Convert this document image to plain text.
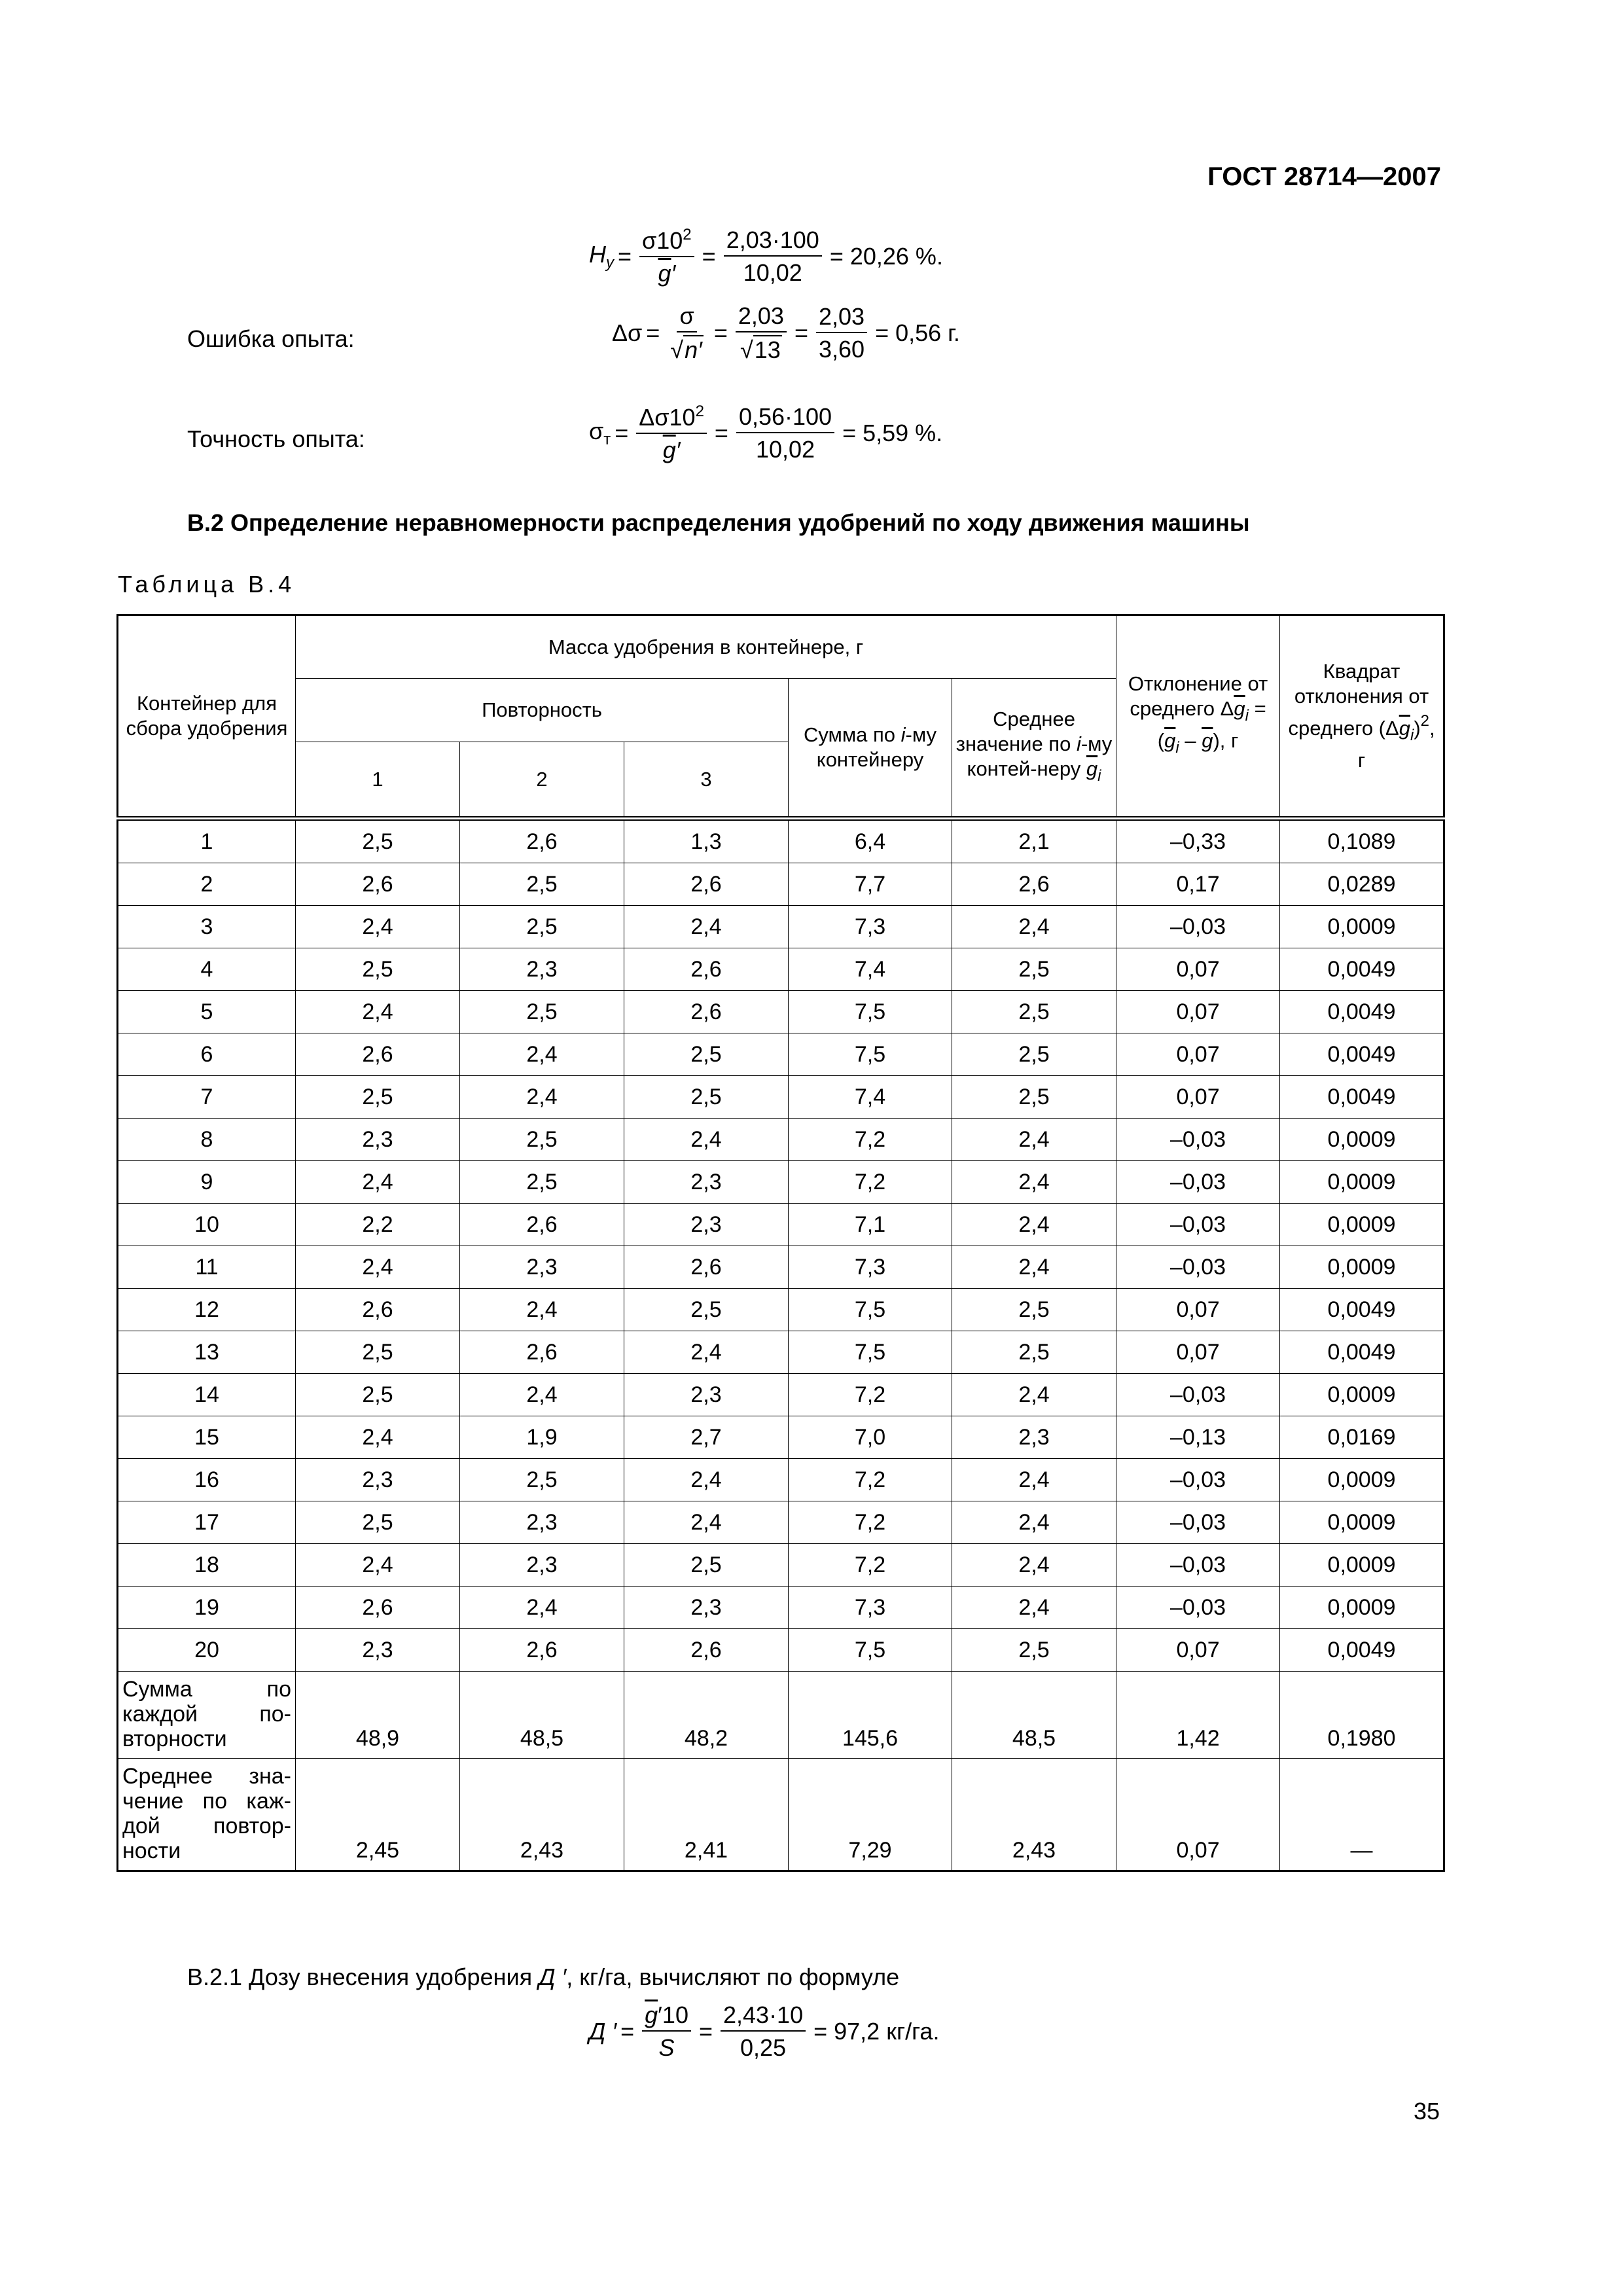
ГОСТ 28714—2007
$H_у = \frac{\sigma 10^2}{\overline{g}'} = \frac{2,03\cdot 100}{10,02} = 20,26$ %.
Ошибка опыта:	$\Delta\sigma = \frac{\sigma}{√ n'} = \frac{2,03}{√ 13} = \frac{2,03}{3,60} = 0,56$ г.
Точность опыта:	$\sigma_т = \frac{\Delta\sigma 10^2}{\overline{g}'} = \frac{0,56\cdot 100}{10,02} = 5,59$ %.
В.2 Определение неравномерности распределения удобрений по ходу движения машины
Таблица В.4
Контейнер для сбора удобрения	Масса удобрения в контейнере, г					Отклонение от среднего $\Delta\overline{g}_i = (\overline{g}_i - \overline{g})$, г	Квадрат отклонения от среднего $(\Delta\overline{g}_i)^2$, г
	Повторность			Сумма по i-му контейнеру	Среднее значение по i-му контей-неру $\overline{g}_i$
	1	2	3				
1	2,5	2,6	1,3	6,4	2,1	–0,33	0,1089
2	2,6	2,5	2,6	7,7	2,6	0,17	0,0289
3	2,4	2,5	2,4	7,3	2,4	–0,03	0,0009
4	2,5	2,3	2,6	7,4	2,5	0,07	0,0049
5	2,4	2,5	2,6	7,5	2,5	0,07	0,0049
6	2,6	2,4	2,5	7,5	2,5	0,07	0,0049
7	2,5	2,4	2,5	7,4	2,5	0,07	0,0049
8	2,3	2,5	2,4	7,2	2,4	–0,03	0,0009
9	2,4	2,5	2,3	7,2	2,4	–0,03	0,0009
10	2,2	2,6	2,3	7,1	2,4	–0,03	0,0009
11	2,4	2,3	2,6	7,3	2,4	–0,03	0,0009
12	2,6	2,4	2,5	7,5	2,5	0,07	0,0049
13	2,5	2,6	2,4	7,5	2,5	0,07	0,0049
14	2,5	2,4	2,3	7,2	2,4	–0,03	0,0009
15	2,4	1,9	2,7	7,0	2,3	–0,13	0,0169
16	2,3	2,5	2,4	7,2	2,4	–0,03	0,0009
17	2,5	2,3	2,4	7,2	2,4	–0,03	0,0009
18	2,4	2,3	2,5	7,2	2,4	–0,03	0,0009
19	2,6	2,4	2,3	7,3	2,4	–0,03	0,0009
20	2,3	2,6	2,6	7,5	2,5	0,07	0,0049

Сумма по
каждой по-
вторности	48,9	48,5	48,2	145,6	48,5	1,42	0,1980

Среднее зна-
чение по каж-
дой повтор-
ности	2,45	2,43	2,41	7,29	2,43	0,07	—
В.2.1 Дозу внесения удобрения Д ′, кг/га, вычисляют по формуле
Д ′ = $\frac{\overline{g}'10}{S} = \frac{2,43\cdot 10}{0,25} = 97,2$ кг/га.
35
